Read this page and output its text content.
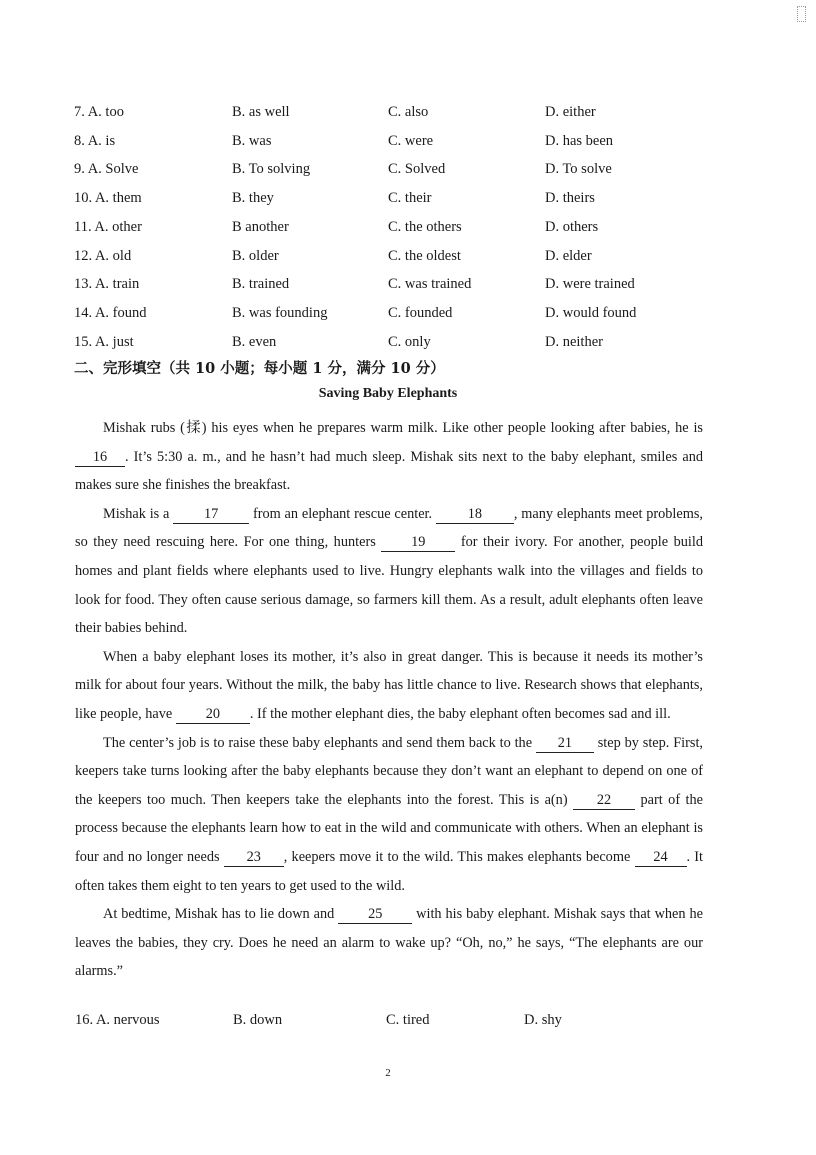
7. A. too	B. as well	C. also	D. either
8. A. is	B. was	C. were	D. has been
9. A. Solve	B. To solving	C. Solved	D. To solve
10. A. them	B. they	C. their	D. theirs
11. A. other	B another	C. the others	D. others
12. A. old	B. older	C. the oldest	D. elder
13. A. train	B. trained	C. was trained	D. were trained
14. A. found	B. was founding	C. founded	D. would found
15. A. just	B. even	C. only	D. neither
二、完形填空（共 10 小题；每小题 1 分，满分 10 分）
Saving Baby Elephants

Mishak rubs (揉) his eyes when he prepares warm milk. Like other people looking after babies, he is 16 . It’s 5:30 a. m., and he hasn’t had much sleep. Mishak sits next to the baby elephant, smiles and makes sure she finishes the breakfast.

Mishak is a 17 from an elephant rescue center. 18 , many elephants meet problems, so they need rescuing here. For one thing, hunters 19 for their ivory. For another, people build homes and plant fields where elephants used to live. Hungry elephants walk into the villages and fields to look for food. They often cause serious damage, so farmers kill them. As a result, adult elephants often leave their babies behind.

When a baby elephant loses its mother, it’s also in great danger. This is because it needs its mother’s milk for about four years. Without the milk, the baby has little chance to live. Research shows that elephants, like people, have 20 . If the mother elephant dies, the baby elephant often becomes sad and ill.

The center’s job is to raise these baby elephants and send them back to the 21 step by step. First, keepers take turns looking after the baby elephants because they don’t want an elephant to depend on one of the keepers too much. Then keepers take the elephants into the forest. This is a(n) 22 part of the process because the elephants learn how to eat in the wild and communicate with others. When an elephant is four and no longer needs 23 , keepers move it to the wild. This makes elephants become 24 . It often takes them eight to ten years to get used to the wild.

At bedtime, Mishak has to lie down and 25 with his baby elephant. Mishak says that when he leaves the babies, they cry. Does he need an alarm to wake up? “Oh, no,” he says, “The elephants are our alarms.”

16. A. nervous	B. down	C. tired	D. shy
2
